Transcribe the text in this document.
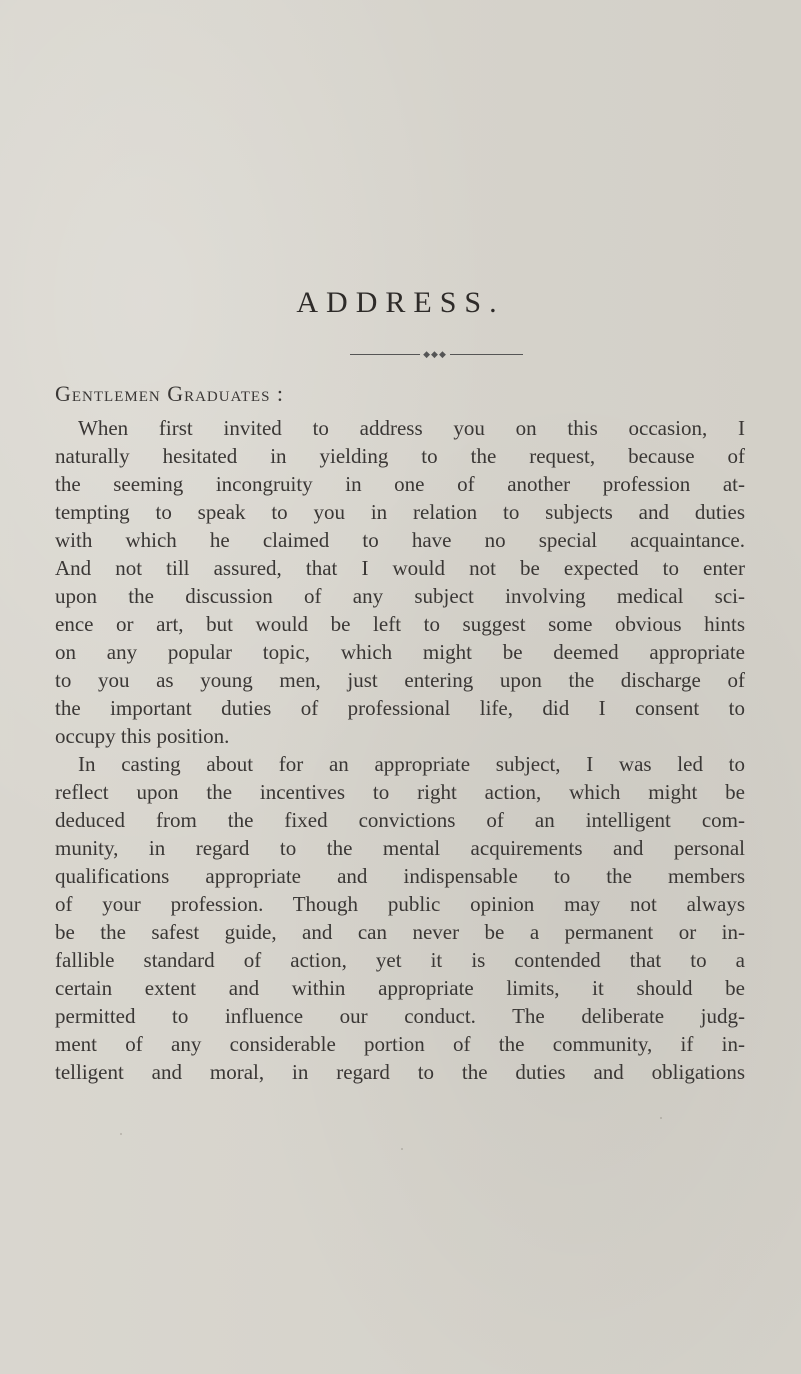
ADDRESS.
◆◆◆
Gentlemen Graduates :
When first invited to address you on this occasion, I
naturally hesitated in yielding to the request, because of
the seeming incongruity in one of another profession at-
tempting to speak to you in relation to subjects and duties
with which he claimed to have no special acquaintance.
And not till assured, that I would not be expected to enter
upon the discussion of any subject involving medical sci-
ence or art, but would be left to suggest some obvious hints
on any popular topic, which might be deemed appropriate
to you as young men, just entering upon the discharge of
the important duties of professional life, did I consent to
occupy this position.
In casting about for an appropriate subject, I was led to
reflect upon the incentives to right action, which might be
deduced from the fixed convictions of an intelligent com-
munity, in regard to the mental acquirements and personal
qualifications appropriate and indispensable to the members
of your profession. Though public opinion may not always
be the safest guide, and can never be a permanent or in-
fallible standard of action, yet it is contended that to a
certain extent and within appropriate limits, it should be
permitted to influence our conduct. The deliberate judg-
ment of any considerable portion of the community, if in-
telligent and moral, in regard to the duties and obligations
